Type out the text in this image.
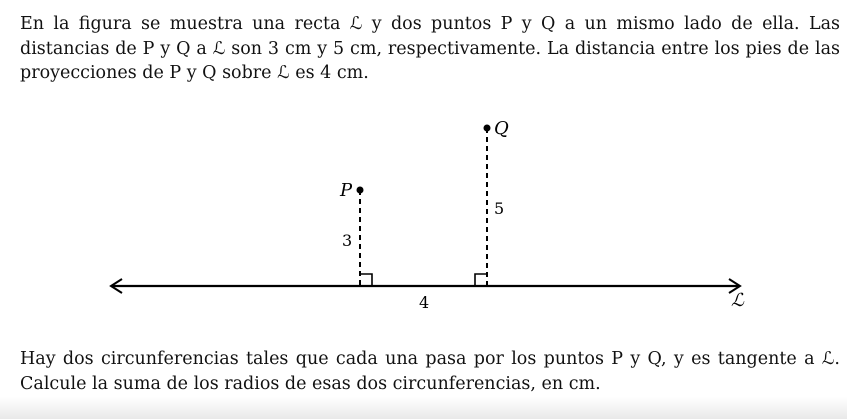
En la figura se muestra una recta ℒ y dos puntos P y Q a un mismo lado de ella. Las distancias de P y Q a ℒ son 3 cm y 5 cm, respectivamente. La distancia entre los pies de las proyecciones de P y Q sobre ℒ es 4 cm.

P
Q
3
5
4	ℒ

Hay dos circunferencias tales que cada una pasa por los puntos P y Q, y es tangente a ℒ. Calcule la suma de los radios de esas dos circunferencias, en cm.
